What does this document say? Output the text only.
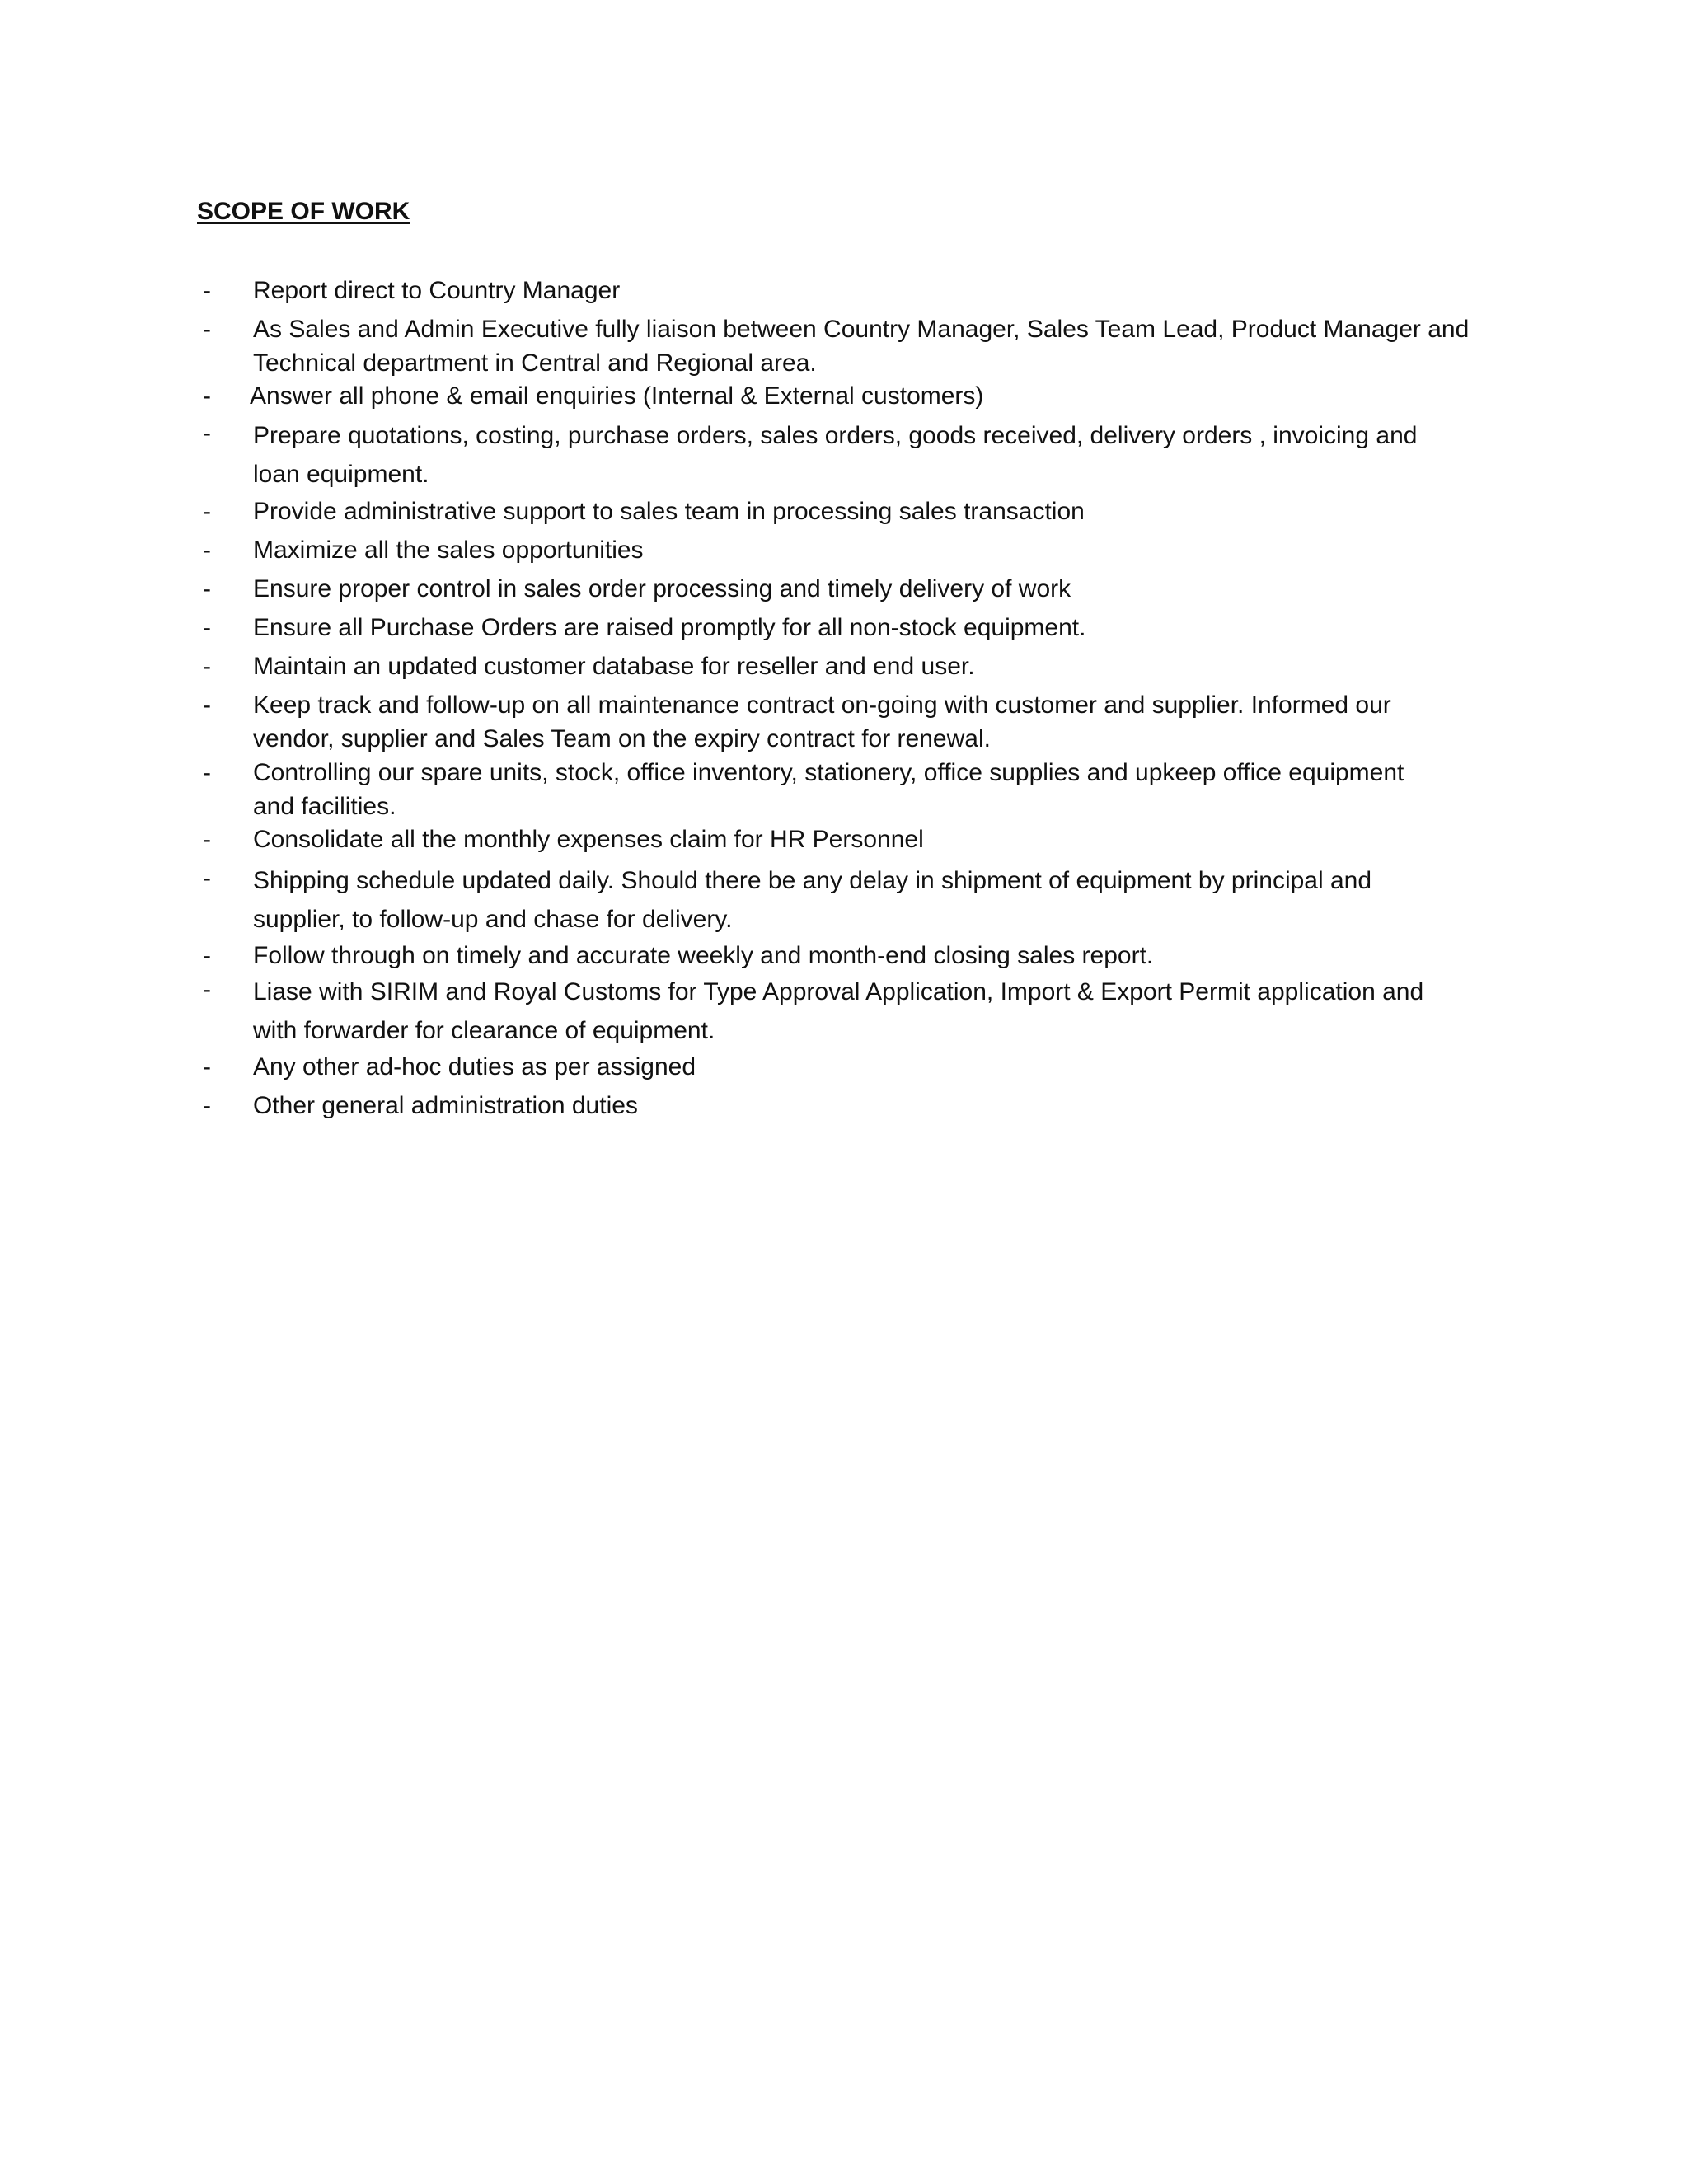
SCOPE OF WORK
- Report direct to Country Manager
- As Sales and Admin Executive fully liaison between Country Manager, Sales Team Lead, Product Manager and
Technical department in Central and Regional area.
- Answer all phone & email enquiries (Internal & External customers)
- Prepare quotations, costing, purchase orders, sales orders, goods received, delivery orders , invoicing and
loan equipment.
- Provide administrative support to sales team in processing sales transaction
- Maximize all the sales opportunities
- Ensure proper control in sales order processing and timely delivery of work
- Ensure all Purchase Orders are raised promptly for all non-stock equipment.
- Maintain an updated customer database for reseller and end user.
- Keep track and follow-up on all maintenance contract on-going with customer and supplier. Informed our
vendor, supplier and Sales Team on the expiry contract for renewal.
- Controlling our spare units, stock, office inventory, stationery, office supplies and upkeep office equipment
and facilities.
- Consolidate all the monthly expenses claim for HR Personnel
- Shipping schedule updated daily. Should there be any delay in shipment of equipment by principal and
supplier, to follow-up and chase for delivery.
- Follow through on timely and accurate weekly and month-end closing sales report.
- Liase with SIRIM and Royal Customs for Type Approval Application, Import & Export Permit application and
with forwarder for clearance of equipment.
- Any other ad-hoc duties as per assigned
- Other general administration duties
